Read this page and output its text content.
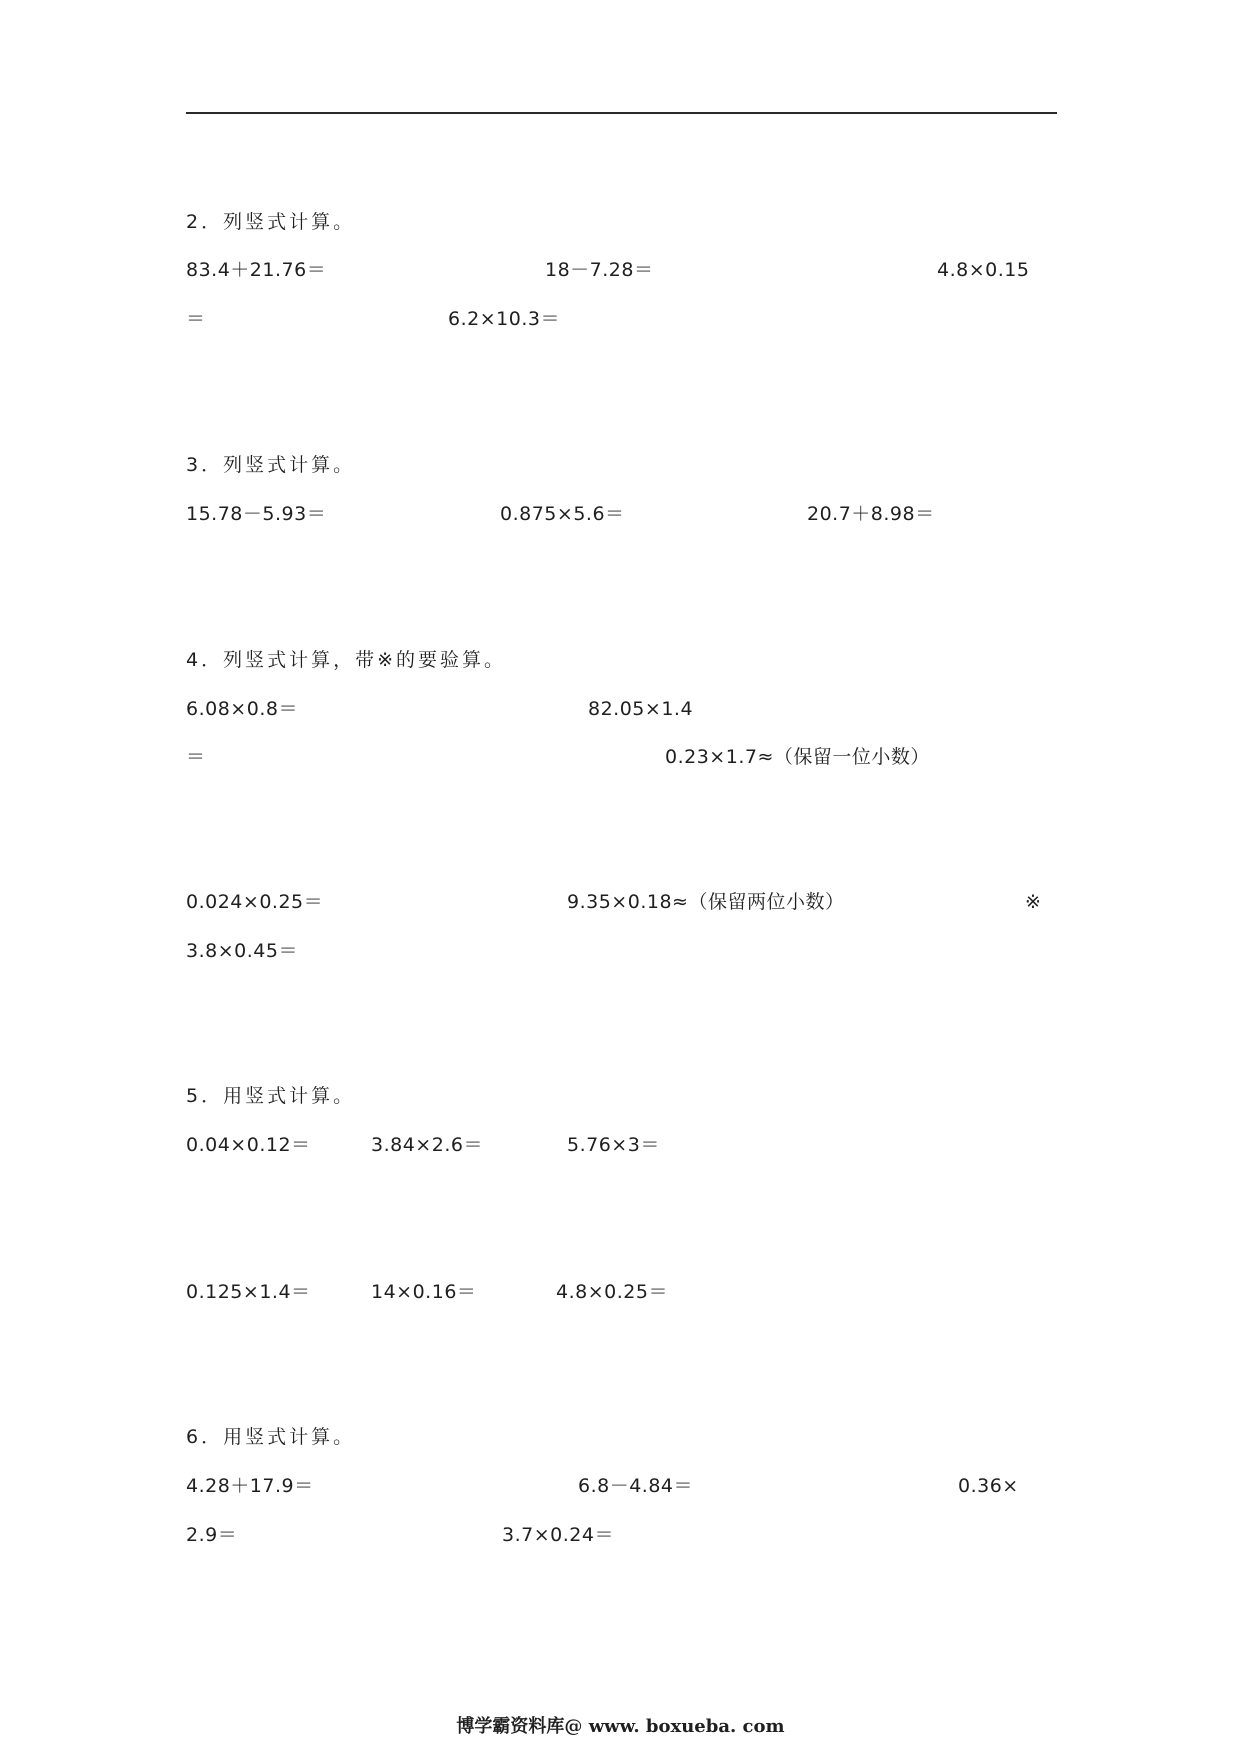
2．列竖式计算。
83.4＋21.76＝	18－7.28＝	4.8×0.15
＝	6.2×10.3＝
3．列竖式计算。
15.78－5.93＝	0.875×5.6＝	20.7＋8.98＝
4．列竖式计算，带※的要验算。
6.08×0.8＝	82.05×1.4
＝	0.23×1.7≈（保留一位小数）
0.024×0.25＝	9.35×0.18≈（保留两位小数）	※
3.8×0.45＝
5．用竖式计算。
0.04×0.12＝	3.84×2.6＝	5.76×3＝
0.125×1.4＝	14×0.16＝	4.8×0.25＝
6．用竖式计算。
4.28＋17.9＝	6.8－4.84＝	0.36×
2.9＝	3.7×0.24＝
博学霸资料库@ www. boxueba. com
